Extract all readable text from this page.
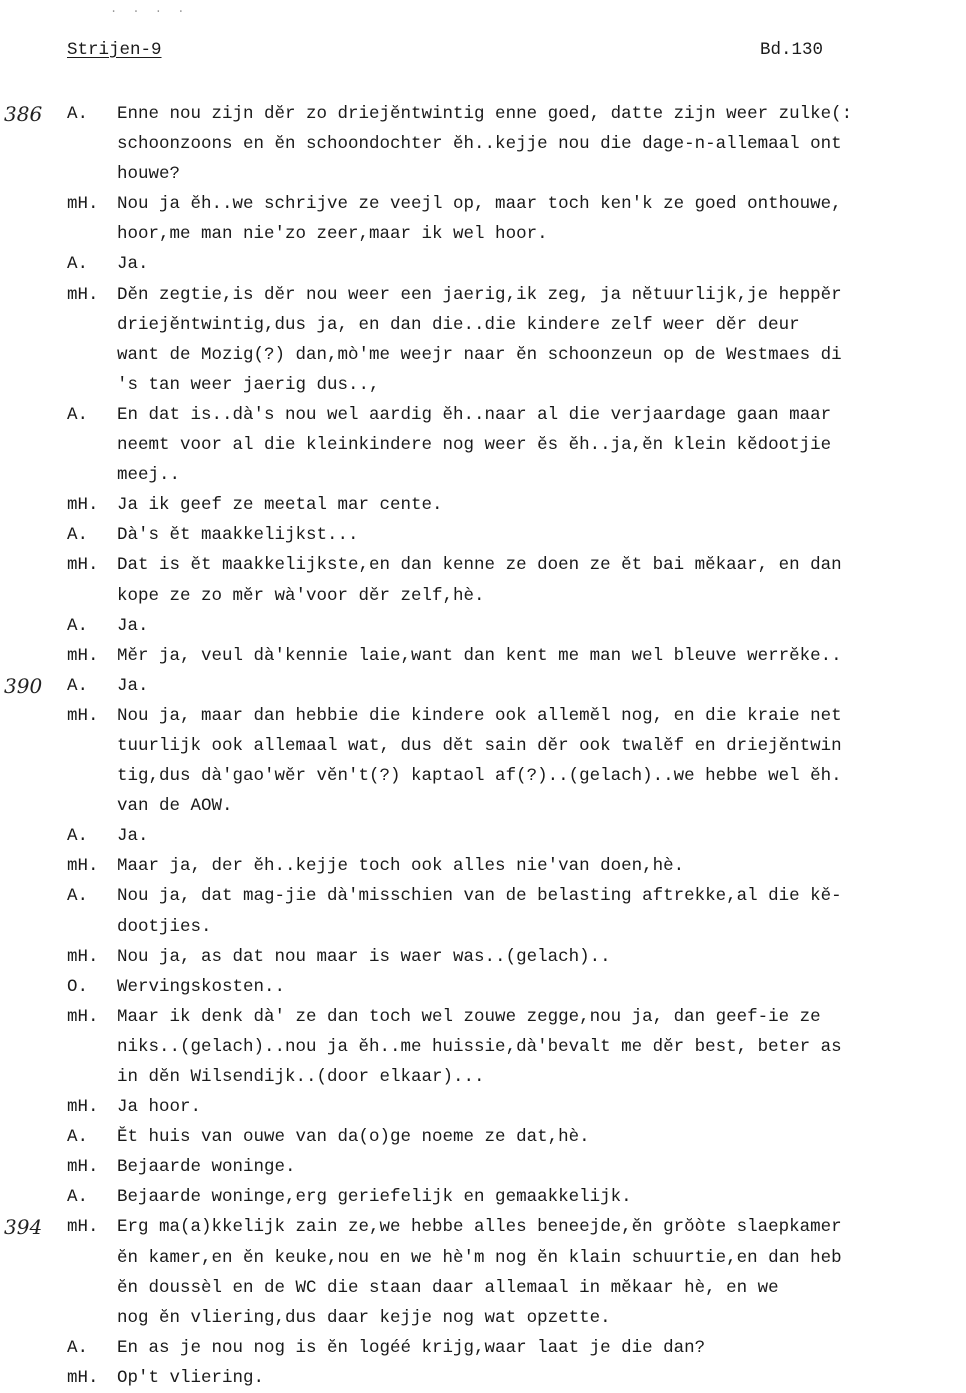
. . . .
Strijen-9	Bd.130
386 A.	Enne nou zijn dĕr zo driejĕntwintig enne goed, datte zijn weer zulke(:
schoonzoons en ĕn schoondochter ĕh..kejje nou die dage-n-allemaal ont
houwe?
mH.	Nou ja ĕh..we schrijve ze veejl op, maar toch ken'k ze goed onthouwe,
hoor,me man nie'zo zeer,maar ik wel hoor.
A.	Ja.
mH.	Dĕn zegtie,is dĕr nou weer een jaerig,ik zeg, ja nĕtuurlijk,je heppĕr
driejĕntwintig,dus ja, en dan die..die kindere zelf weer dĕr deur
want de Mozig(?) dan,mò'me weejr naar ĕn schoonzeun op de Westmaes di
's tan weer jaerig dus..,
A.	En dat is..dà's nou wel aardig ĕh..naar al die verjaardage gaan maar
neemt voor al die kleinkindere nog weer ĕs ĕh..ja,ĕn klein kĕdootjie
meej..
mH.	Ja ik geef ze meetal mar cente.
A.	Dà's ĕt maakkelijkst...
mH.	Dat is ĕt maakkelijkste,en dan kenne ze doen ze ĕt bai mĕkaar, en dan
kope ze zo mĕr wà'voor dĕr zelf,hè.
A.	Ja.
mH.	Mĕr ja, veul dà'kennie laie,want dan kent me man wel bleuve werrĕke..
390 A.	Ja.
mH.	Nou ja, maar dan hebbie die kindere ook allemĕl nog, en die kraie net
tuurlijk ook allemaal wat, dus dĕt sain dĕr ook twalĕf en driejĕntwin
tig,dus dà'gao'wĕr vĕn't(?) kaptaol af(?)..(gelach)..we hebbe wel ĕh.
van de AOW.
A.	Ja.
mH.	Maar ja, der ĕh..kejje toch ook alles nie'van doen,hè.
A.	Nou ja, dat mag-jie dà'misschien van de belasting aftrekke,al die kĕ-
dootjies.
mH.	Nou ja, as dat nou maar is waer was..(gelach)..
O.	Wervingskosten..
mH.	Maar ik denk dà' ze dan toch wel zouwe zegge,nou ja, dan geef-ie ze
niks..(gelach)..nou ja ĕh..me huissie,dà'bevalt me dĕr best, beter as
in dĕn Wilsendijk..(door elkaar)...
mH.	Ja hoor.
A.	Ĕt huis van ouwe van da(o)ge noeme ze dat,hè.
mH.	Bejaarde woninge.
A.	Bejaarde woninge,erg geriefelijk en gemaakkelijk.
394 mH.	Erg ma(a)kkelijk zain ze,we hebbe alles beneejde,ĕn grŏòte slaepkamer
ĕn kamer,en ĕn keuke,nou en we hè'm nog ĕn klain schuurtie,en dan heb
ĕn doussèl en de WC die staan daar allemaal in mĕkaar hè, en we
nog ĕn vliering,dus daar kejje nog wat opzette.
A.	En as je nou nog is ĕn logéé krijg,waar laat je die dan?
mH.	Op't vliering.
